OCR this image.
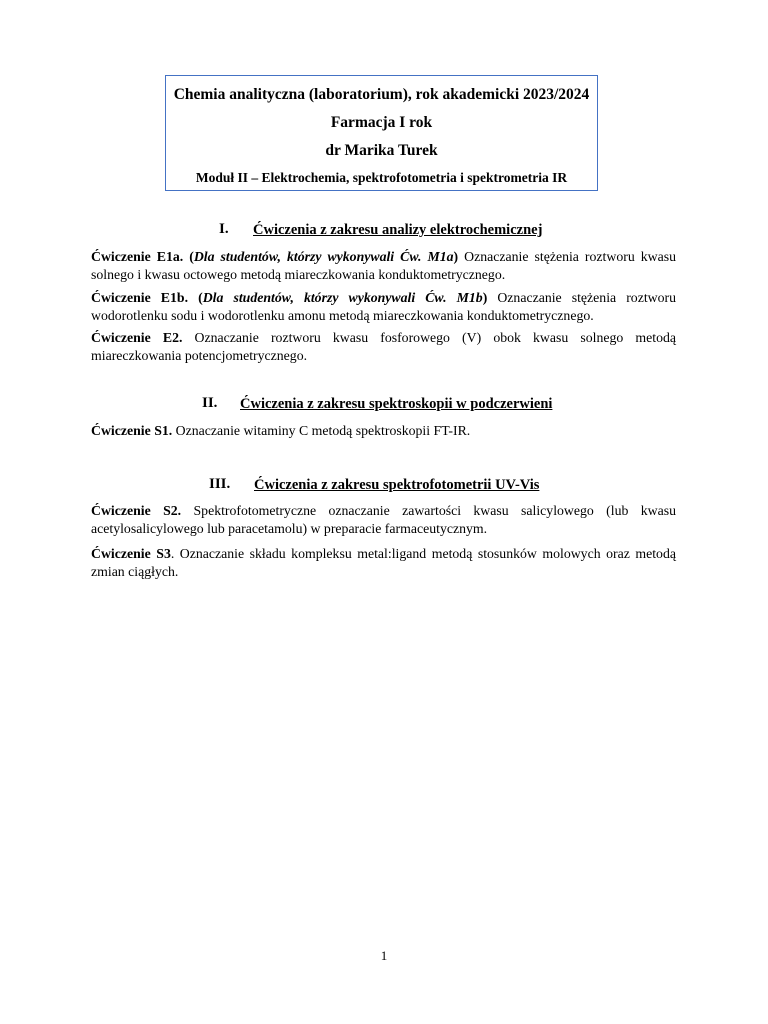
Chemia analityczna (laboratorium), rok akademicki 2023/2024
Farmacja I rok
dr Marika Turek
Moduł II – Elektrochemia, spektrofotometria i spektrometria IR
I. Ćwiczenia z zakresu analizy elektrochemicznej
Ćwiczenie E1a. (Dla studentów, którzy wykonywali Ćw. M1a) Oznaczanie stężenia roztworu kwasu solnego i kwasu octowego metodą miareczkowania konduktometrycznego.
Ćwiczenie E1b. (Dla studentów, którzy wykonywali Ćw. M1b) Oznaczanie stężenia roztworu wodorotlenku sodu i wodorotlenku amonu metodą miareczkowania konduktometrycznego.
Ćwiczenie E2. Oznaczanie roztworu kwasu fosforowego (V) obok kwasu solnego metodą miareczkowania potencjometrycznego.
II. Ćwiczenia z zakresu spektroskopii w podczerwieni
Ćwiczenie S1. Oznaczanie witaminy C metodą spektroskopii FT-IR.
III. Ćwiczenia z zakresu spektrofotometrii UV-Vis
Ćwiczenie S2. Spektrofotometryczne oznaczanie zawartości kwasu salicylowego (lub kwasu acetylosalicylowego lub paracetamolu) w preparacie farmaceutycznym.
Ćwiczenie S3. Oznaczanie składu kompleksu metal:ligand metodą stosunków molowych oraz metodą zmian ciągłych.
1
